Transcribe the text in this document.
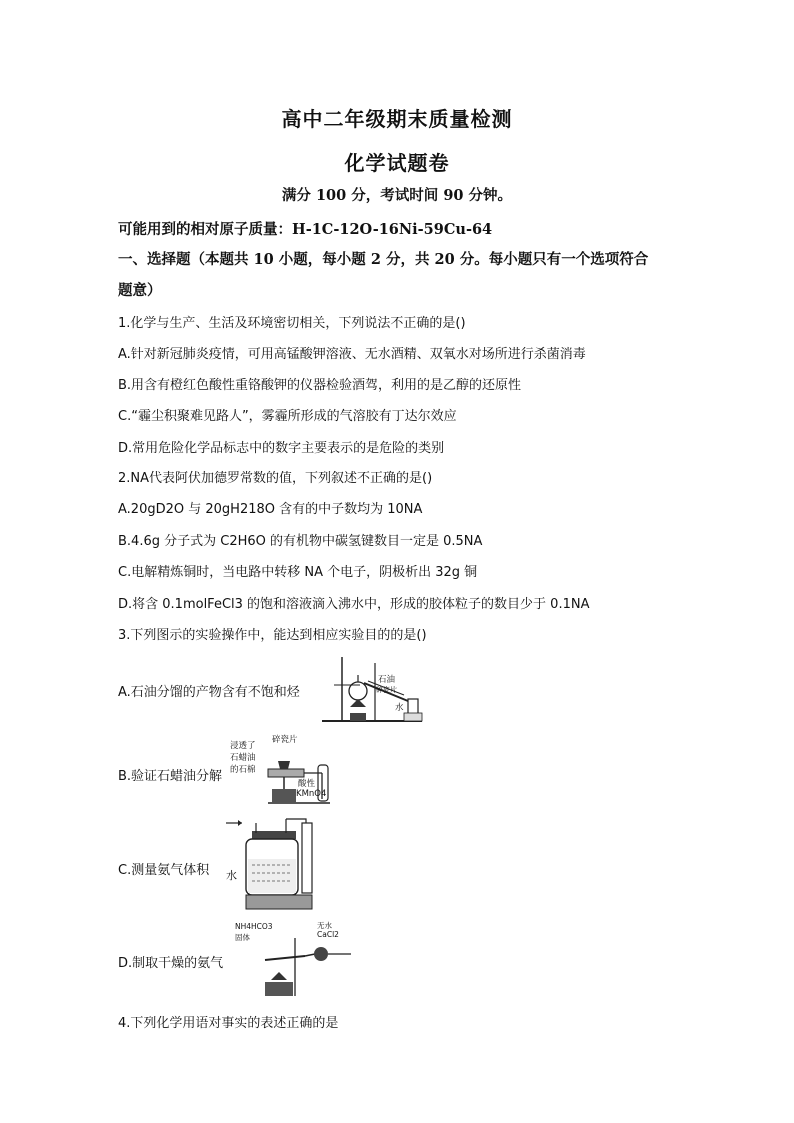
高中二年级期末质量检测
化学试题卷
满分 100 分，考试时间 90 分钟。
可能用到的相对原子质量：H-1C-12O-16Ni-59Cu-64
一、选择题（本题共 10 小题，每小题 2 分，共 20 分。每小题只有一个选项符合
题意）
1.化学与生产、生活及环境密切相关，下列说法不正确的是()
A.针对新冠肺炎疫情，可用高锰酸钾溶液、无水酒精、双氧水对场所进行杀菌消毒
B.用含有橙红色酸性重铬酸钾的仪器检验酒驾，利用的是乙醇的还原性
C.“霾尘积聚难见路人”，雾霾所形成的气溶胶有丁达尔效应
D.常用危险化学品标志中的数字主要表示的是危险的类别
2.NA代表阿伏加德罗常数的值，下列叙述不正确的是()
A.20gD2O 与 20gH218O 含有的中子数均为 10NA
B.4.6g 分子式为 C2H6O 的有机物中碳氢键数目一定是 0.5NA
C.电解精炼铜时，当电路中转移 NA 个电子，阴极析出 32g 铜
D.将含 0.1molFeCl3 的饱和溶液滴入沸水中，形成的胶体粒子的数目少于 0.1NA
3.下列图示的实验操作中，能达到相应实验目的的是()
A.石油分馏的产物含有不饱和烃
石油
碎瓷片
水
B.验证石蜡油分解
浸透了
石蜡油
的石棉
碎瓷片
酸性
KMnO4
C.测量氨气体积 水
D.制取干燥的氨气
NH4HCO3
固体
无水
CaCl2
4.下列化学用语对事实的表述正确的是
